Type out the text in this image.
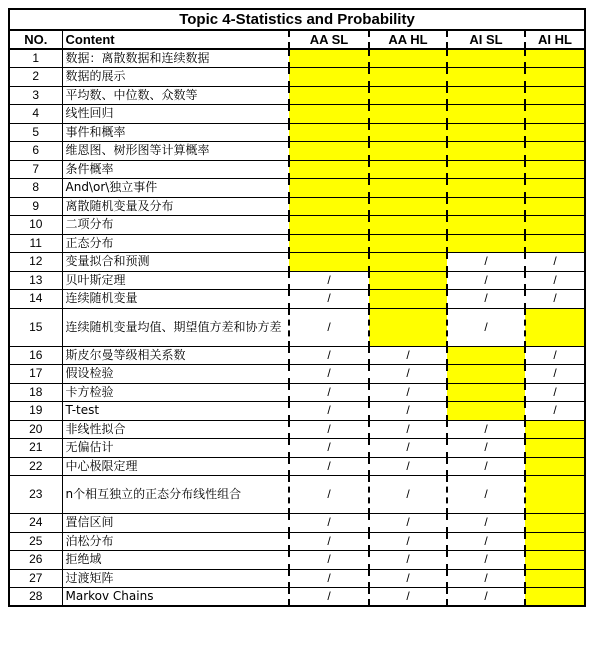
Topic 4-Statistics and Probability					
NO.	Content	AA SL	AA HL	AI SL	AI HL
1	数据：离散数据和连续数据				
2	数据的展示				
3	平均数、中位数、众数等				
4	线性回归				
5	事件和概率				
6	维恩图、树形图等计算概率				
7	条件概率				
8	And\or\独立事件				
9	离散随机变量及分布				
10	二项分布				
11	正态分布				
12	变量拟合和预测			/	/
13	贝叶斯定理	/		/	/
14	连续随机变量	/		/	/
15	连续随机变量均值、期望值方差和协方差	/		/	
16	斯皮尔曼等级相关系数	/	/		/
17	假设检验	/	/		/
18	卡方检验	/	/		/
19	T-test	/	/		/
20	非线性拟合	/	/	/	
21	无偏估计	/	/	/	
22	中心极限定理	/	/	/	
23	n个相互独立的正态分布线性组合	/	/	/	
24	置信区间	/	/	/	
25	泊松分布	/	/	/	
26	拒绝域	/	/	/	
27	过渡矩阵	/	/	/	
28	Markov Chains	/	/	/	
